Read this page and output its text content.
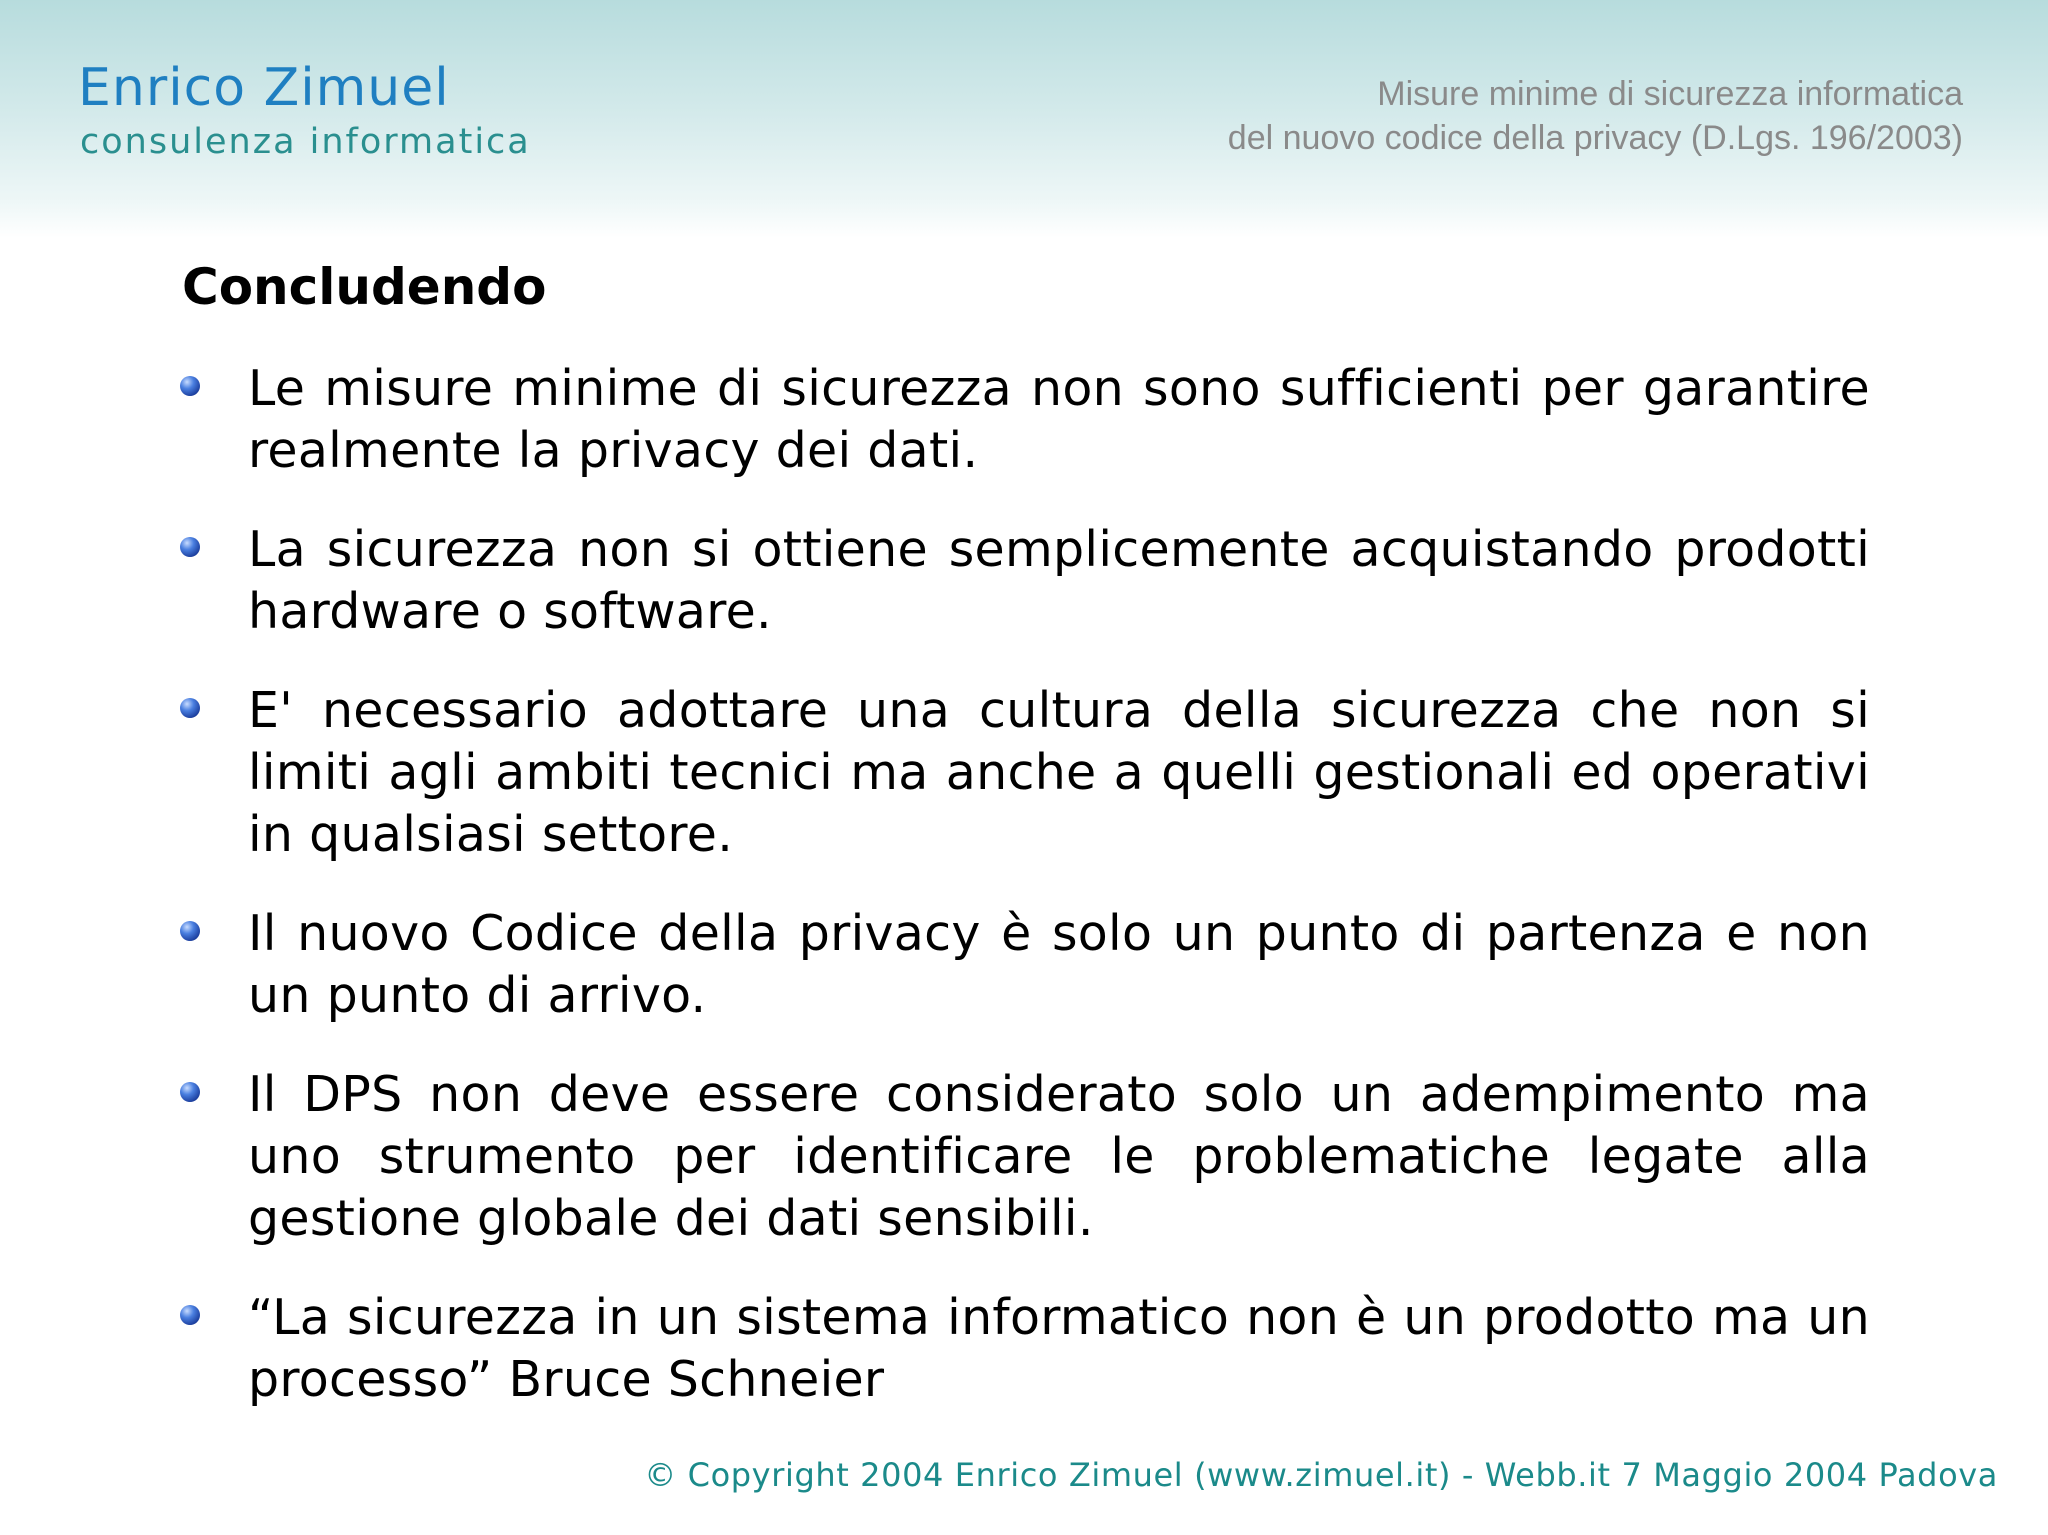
Enrico Zimuel
consulenza informatica
Misure minime di sicurezza informatica
del nuovo codice della privacy (D.Lgs. 196/2003)
Concludendo
Le misure minime di sicurezza non sono sufficienti per garantire realmente la privacy dei dati.
La sicurezza non si ottiene semplicemente acquistando prodotti hardware o software.
E' necessario adottare una cultura della sicurezza che non si limiti agli ambiti tecnici ma anche a quelli gestionali ed operativi in qualsiasi settore.
Il nuovo Codice della privacy è solo un punto di partenza e non un punto di arrivo.
Il DPS non deve essere considerato solo un adempimento ma uno strumento per identificare le problematiche legate alla gestione globale dei dati sensibili.
“La sicurezza in un sistema informatico non è un prodotto ma un processo” Bruce Schneier
© Copyright 2004 Enrico Zimuel (www.zimuel.it) - Webb.it 7 Maggio 2004 Padova
